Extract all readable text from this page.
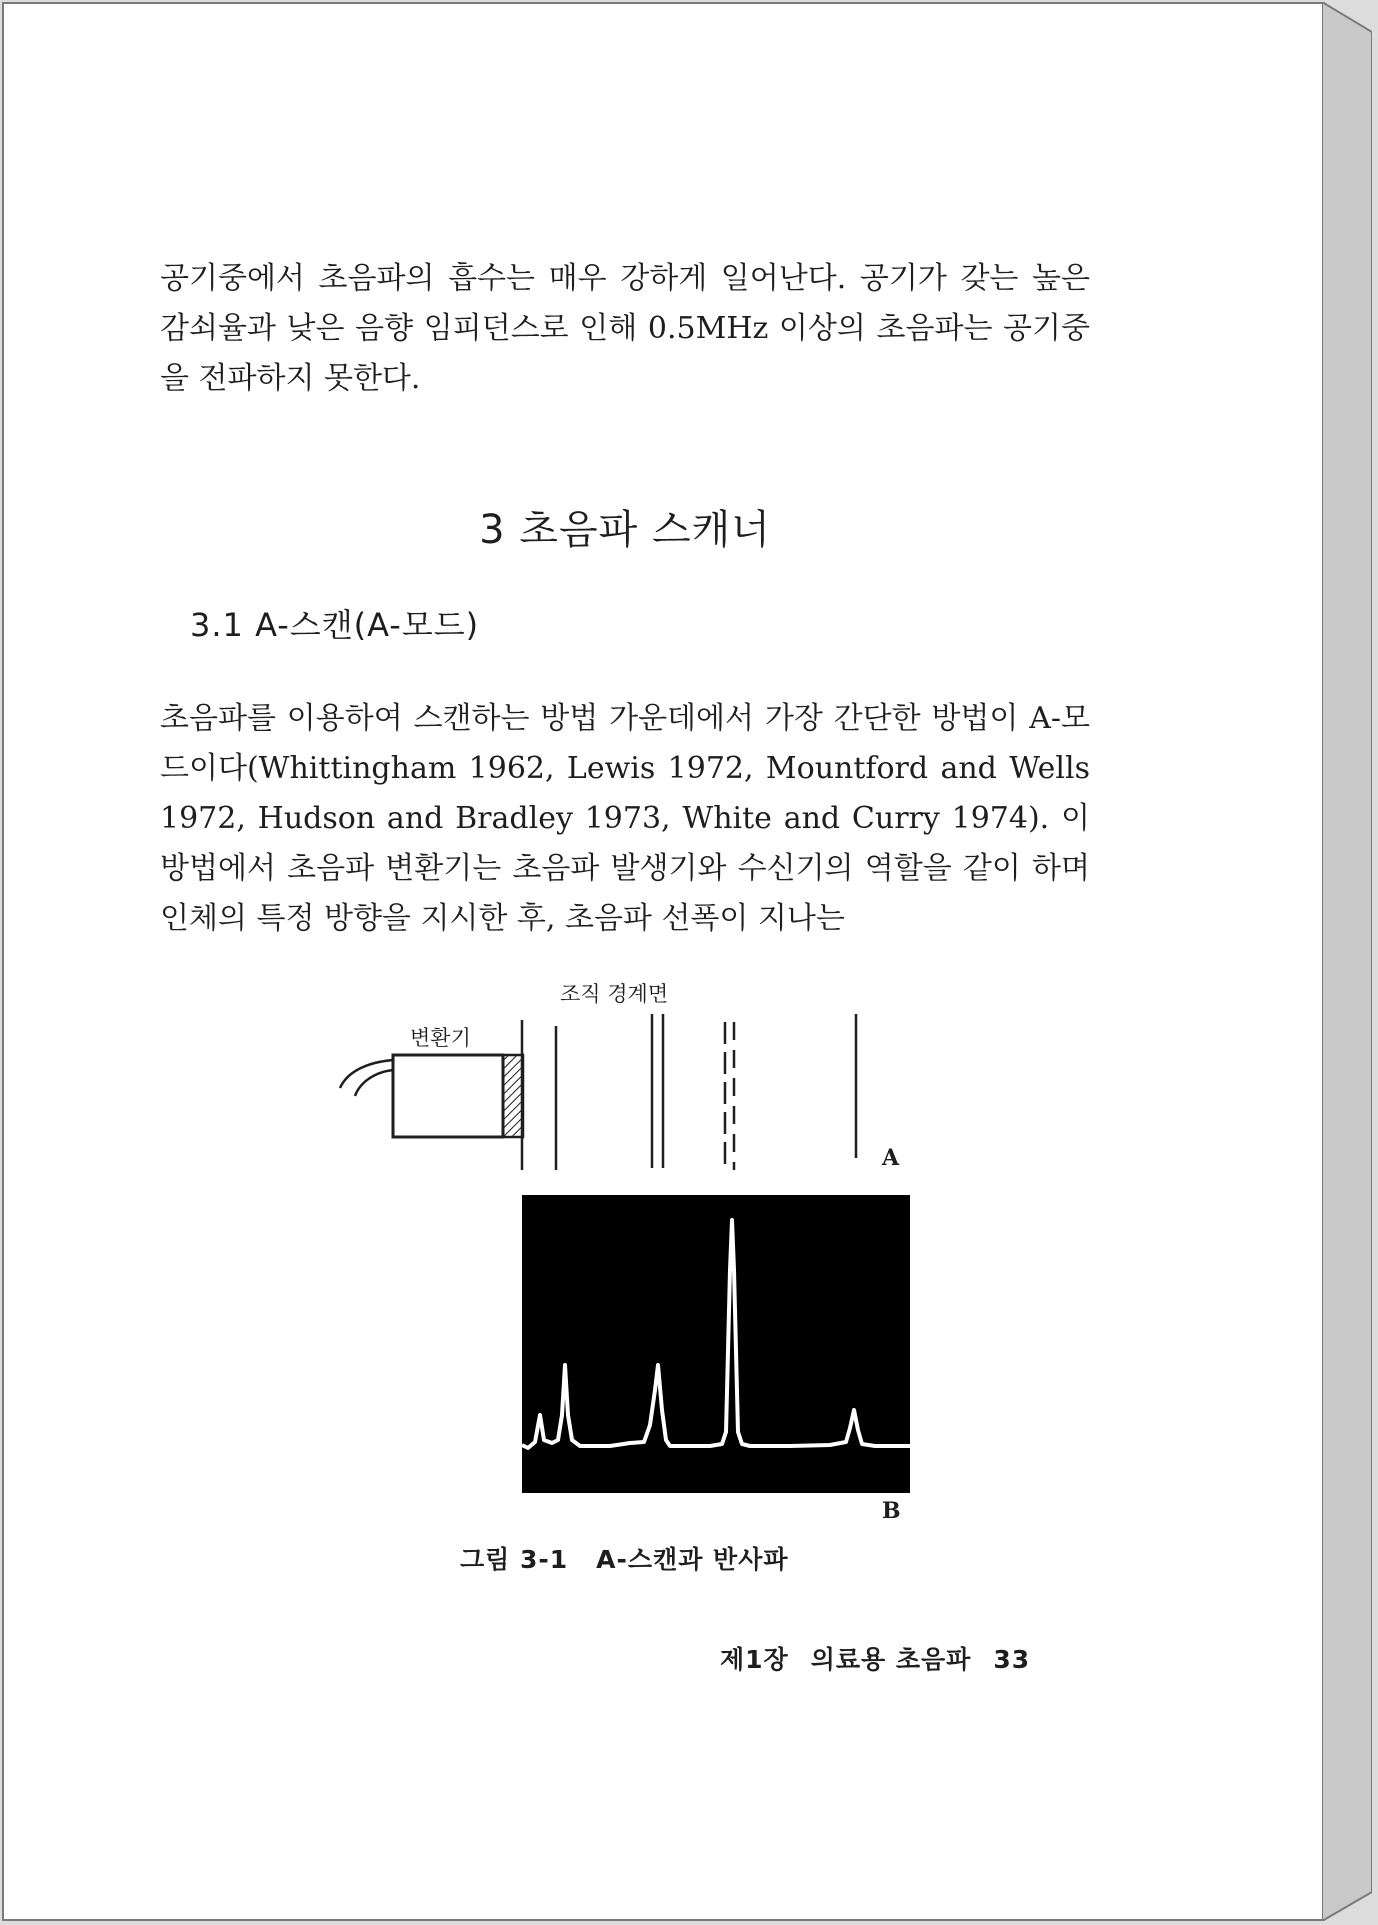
공기중에서 초음파의 흡수는 매우 강하게 일어난다. 공기가 갖는 높은 감쇠율과 낮은 음향 임피던스로 인해 0.5MHz 이상의 초음파는 공기중을 전파하지 못한다.

3 초음파 스캐너
3.1 A-스캔(A-모드)

초음파를 이용하여 스캔하는 방법 가운데에서 가장 간단한 방법이 A-모드이다(Whittingham 1962, Lewis 1972, Mountford and Wells 1972, Hudson and Bradley 1973, White and Curry 1974). 이 방법에서 초음파 변환기는 초음파 발생기와 수신기의 역할을 같이 하며 인체의 특정 방향을 지시한 후, 초음파 선폭이 지나는

조직 경계면
변환기
A
B
그림 3-1 A-스캔과 반사파
제1장 의료용 초음파 33
